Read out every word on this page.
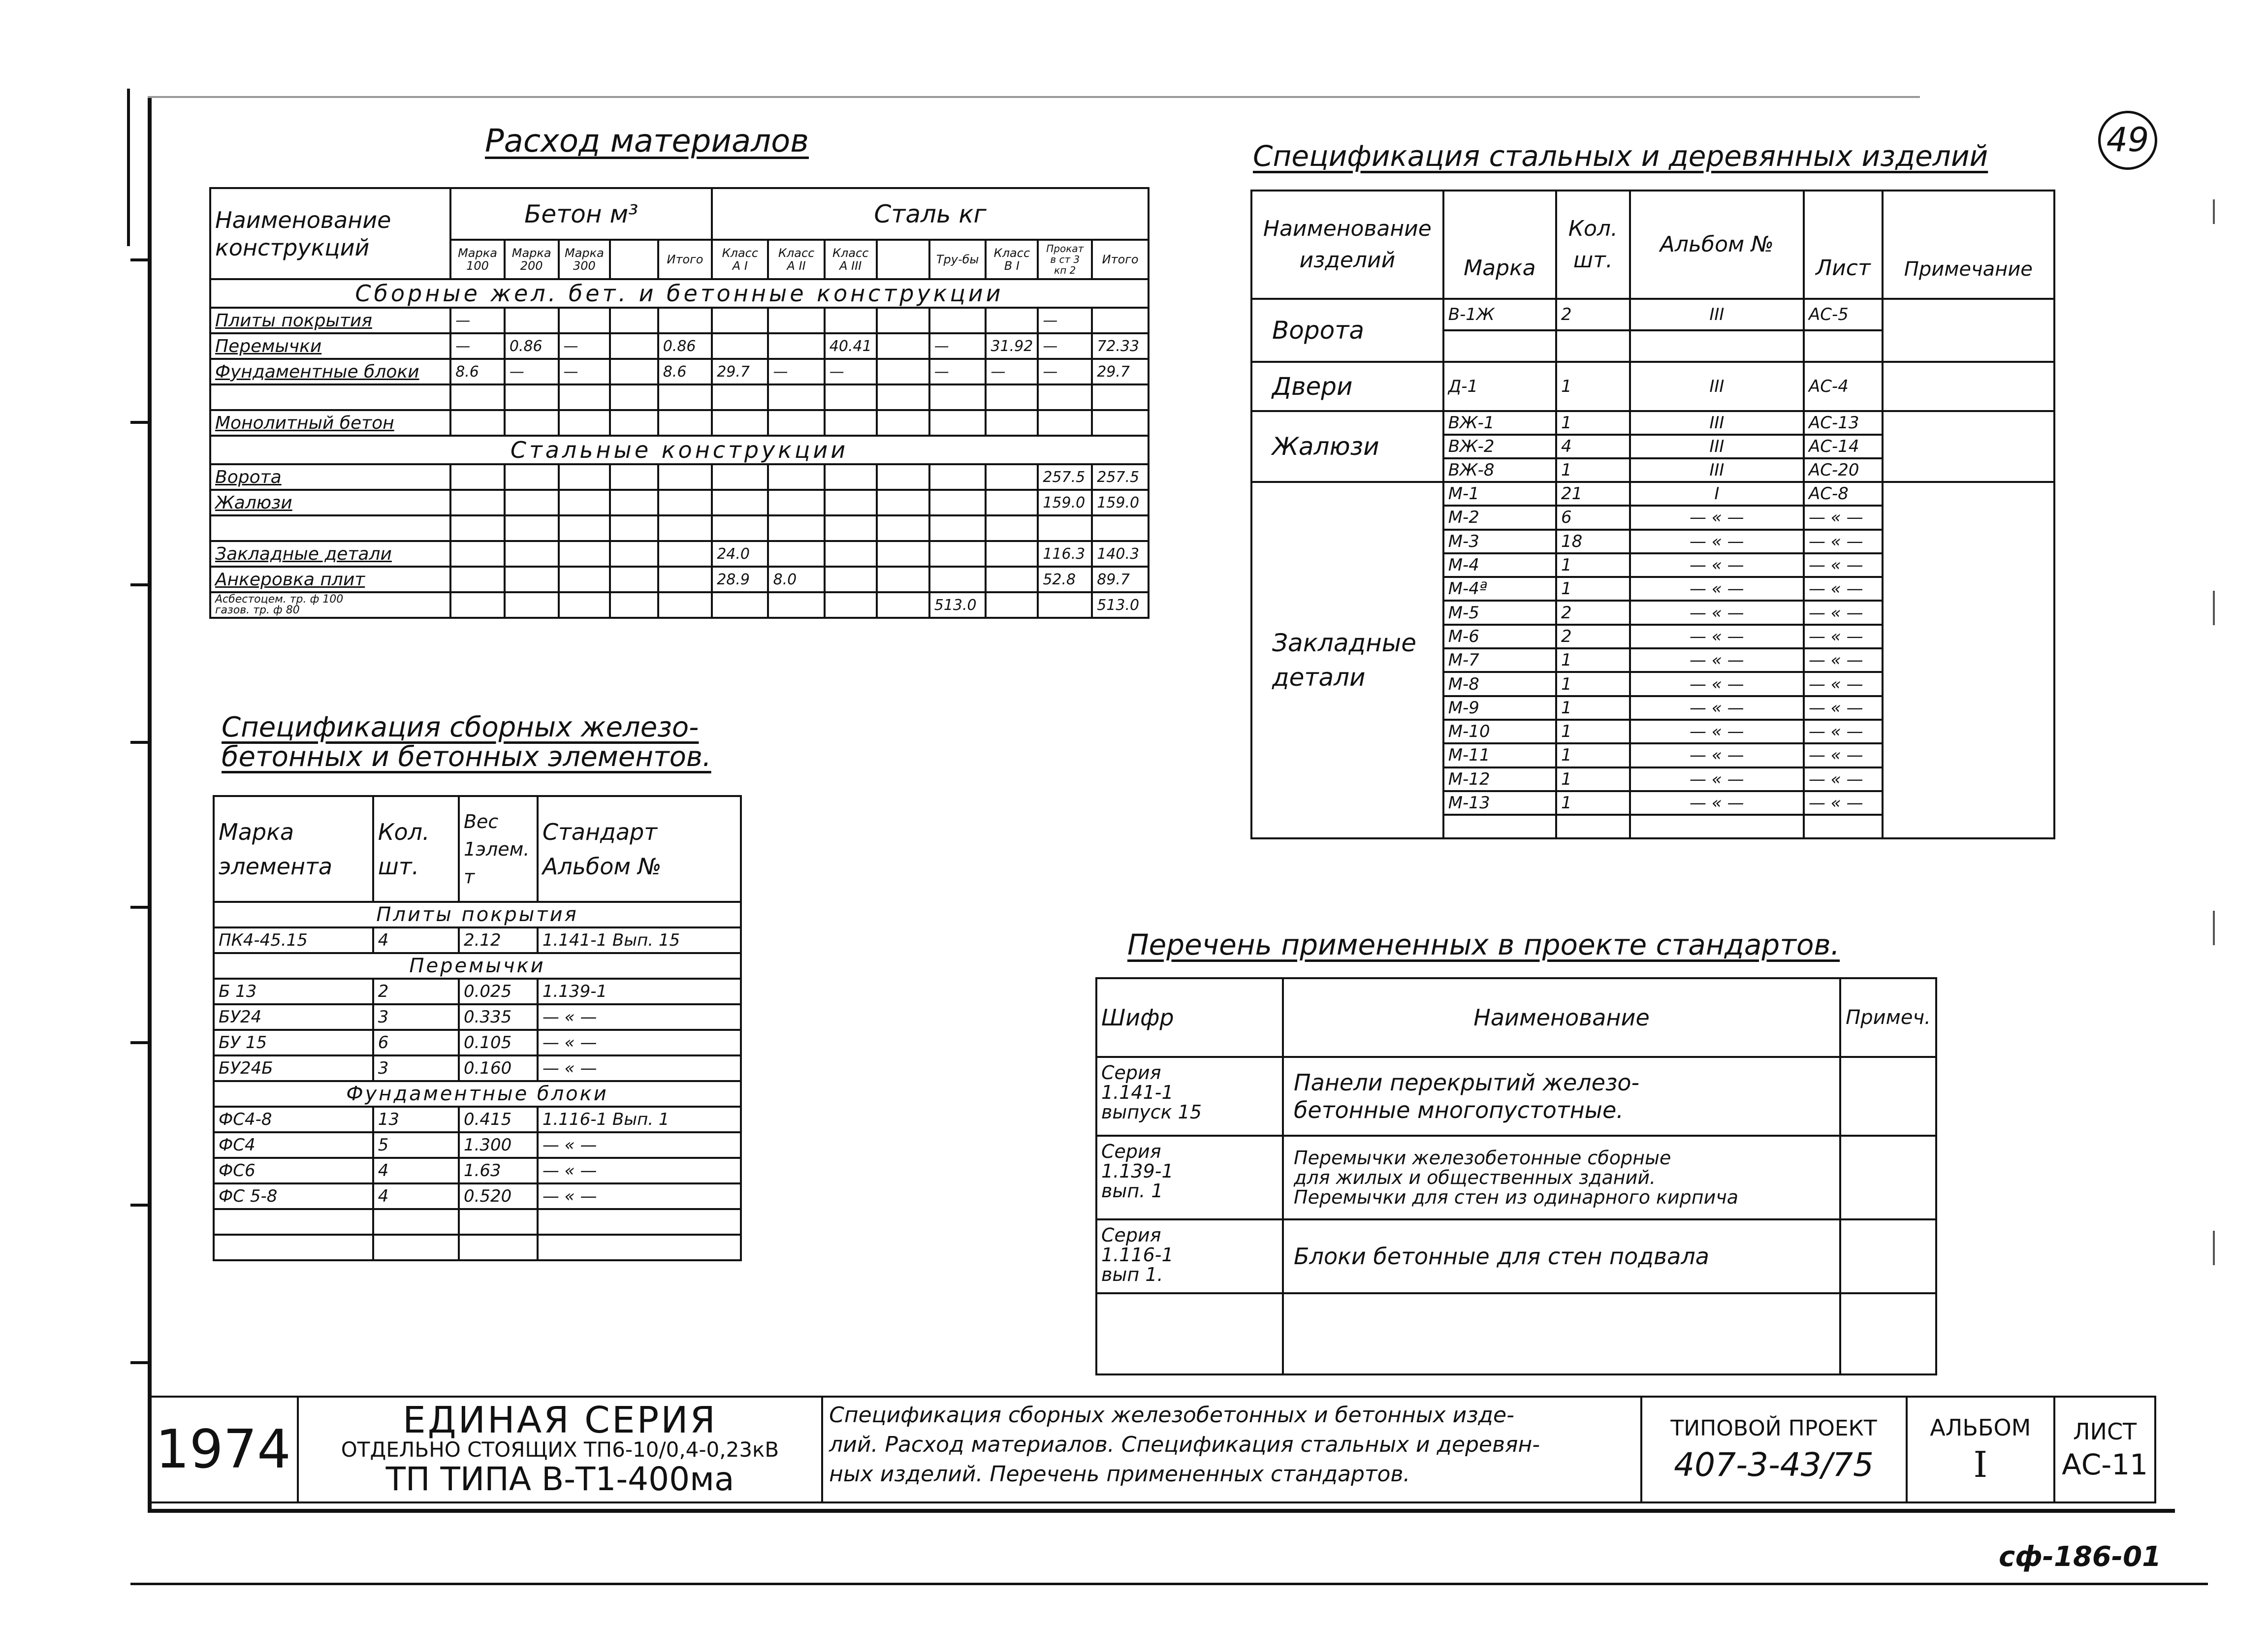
49
Расход материалов
Наименование конструкций	Бетон м³					Сталь кг							
	Марка 100	Марка 200	Марка 300		Итого	Класс А I	Класс А II	Класс А III		Тру-бы	Класс В I	Прокат в ст 3 кп 2	Итого
Сборные жел. бет. и бетонные конструкции													
Плиты покрытия	—											—	
Перемычки	—	0.86	—		0.86			40.41		—	31.92	—	72.33
Фундаментные блоки	8.6	—	—		8.6	29.7	—	—		—	—	—	29.7

Монолитный бетон													
Стальные конструкции													
Ворота												257.5	257.5
Жалюзи												159.0	159.0

Закладные детали						24.0						116.3	140.3
Анкеровка плит						28.9	8.0					52.8	89.7
Асбестоцем. тр. ф 100
газов. тр. ф 80										513.0			513.0
Спецификация сборных железо-
бетонных и бетонных элементов.
Марка элемента	Кол. шт.	Вес 1элем. т	Стандарт Альбом №
Плиты покрытия			
ПК4-45.15	4	2.12	1.141-1 Вып. 15
Перемычки			
Б 13	2	0.025	1.139-1
БУ24	3	0.335	— « —
БУ 15	6	0.105	— « —
БУ24Б	3	0.160	— « —
Фундаментные блоки			
ФС4-8	13	0.415	1.116-1 Вып. 1
ФС4	5	1.300	— « —
ФС6	4	1.63	— « —
ФС 5-8	4	0.520	— « —

Спецификация стальных и деревянных изделий
Наименование изделий	Марка	Кол. шт.	Альбом №	Лист	Примечание
Ворота	В-1Ж	2	III	АС-5	

Двери	Д-1	1	III	АС-4	
Жалюзи	ВЖ-1	1	III	АС-13	
	ВЖ-2	4	III	АС-14	
	ВЖ-8	1	III	АС-20	
Закладные детали	М-1	21	I	АС-8	
	М-2	6	— « —	— « —	
	М-3	18	— « —	— « —	
	М-4	1	— « —	— « —	
	М-4ª	1	— « —	— « —	
	М-5	2	— « —	— « —	
	М-6	2	— « —	— « —	
	М-7	1	— « —	— « —	
	М-8	1	— « —	— « —	
	М-9	1	— « —	— « —	
	М-10	1	— « —	— « —	
	М-11	1	— « —	— « —	
	М-12	1	— « —	— « —	
	М-13	1	— « —	— « —	

Перечень примененных в проекте стандартов.
Шифр	Наименование	Примеч.
Серия
1.141-1
выпуск 15	Панели перекрытий железо-
бетонные многопустотные.	
Серия
1.139-1
вып. 1	Перемычки железобетонные сборные
для жилых и общественных зданий.
Перемычки для стен из одинарного кирпича	
Серия
1.116-1
вып 1.	Блоки бетонные для стен подвала	

1974	ЕДИНАЯ СЕРИЯ
ОТДЕЛЬНО СТОЯЩИХ ТП6-10/0,4-0,23кВ
ТП ТИПА В-Т1-400ма
	Спецификация сборных железобетонных и бетонных изде-
лий. Расход материалов. Спецификация стальных и деревян-
ных изделий. Перечень примененных стандартов.	
ТИПОВОЙ ПРОЕКТ
407-3-43/75

АЛЬБОМ
I

ЛИСТ
АС-11
сф-186-01
